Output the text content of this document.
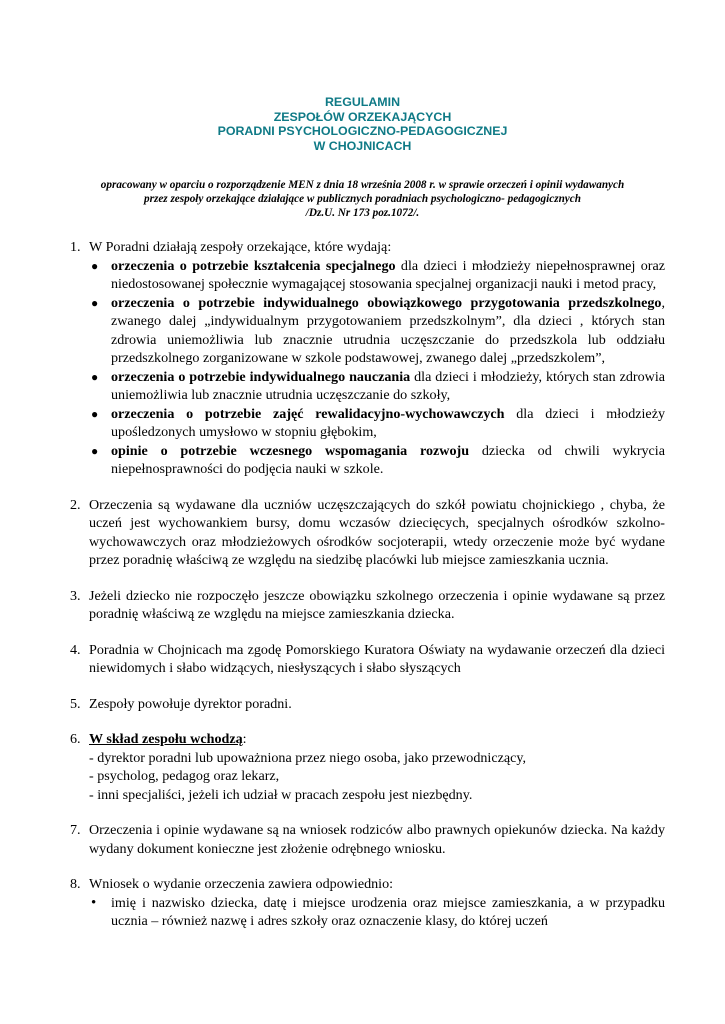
REGULAMIN
ZESPOŁÓW ORZEKAJĄCYCH
PORADNI PSYCHOLOGICZNO-PEDAGOGICZNEJ
W CHOJNICACH
opracowany w oparciu o rozporządzenie MEN z dnia 18 września 2008 r. w sprawie orzeczeń i opinii wydawanych
przez zespoły orzekające działające w publicznych poradniach psychologiczno- pedagogicznych
/Dz.U. Nr 173 poz.1072/.
1. W Poradni działają zespoły orzekające, które wydają:
● orzeczenia o potrzebie kształcenia specjalnego dla dzieci i młodzieży niepełnosprawnej oraz niedostosowanej społecznie wymagającej stosowania specjalnej organizacji nauki i metod pracy,
● orzeczenia o potrzebie indywidualnego obowiązkowego przygotowania przedszkolnego, zwanego dalej „indywidualnym przygotowaniem przedszkolnym”, dla dzieci , których stan zdrowia uniemożliwia lub znacznie utrudnia uczęszczanie do przedszkola lub oddziału przedszkolnego zorganizowane w szkole podstawowej, zwanego dalej „przedszkolem”,
● orzeczenia o potrzebie indywidualnego nauczania dla dzieci i młodzieży, których stan zdrowia uniemożliwia lub znacznie utrudnia uczęszczanie do szkoły,
● orzeczenia o potrzebie zajęć rewalidacyjno-wychowawczych dla dzieci i młodzieży upośledzonych umysłowo w stopniu głębokim,
● opinie o potrzebie wczesnego wspomagania rozwoju dziecka od chwili wykrycia niepełnosprawności do podjęcia nauki w szkole.
2. Orzeczenia są wydawane dla uczniów uczęszczających do szkół powiatu chojnickiego , chyba, że uczeń jest wychowankiem bursy, domu wczasów dziecięcych, specjalnych ośrodków szkolno-wychowawczych oraz młodzieżowych ośrodków socjoterapii, wtedy orzeczenie może być wydane przez poradnię właściwą ze względu na siedzibę placówki lub miejsce zamieszkania ucznia.
3. Jeżeli dziecko nie rozpoczęło jeszcze obowiązku szkolnego orzeczenia i opinie wydawane są przez poradnię właściwą ze względu na miejsce zamieszkania dziecka.
4. Poradnia w Chojnicach ma zgodę Pomorskiego Kuratora Oświaty na wydawanie orzeczeń dla dzieci niewidomych i słabo widzących, niesłyszących i słabo słyszących
5. Zespoły powołuje dyrektor poradni.
6. W skład zespołu wchodzą:
- dyrektor poradni lub upoważniona przez niego osoba, jako przewodniczący,
- psycholog, pedagog oraz lekarz,
- inni specjaliści, jeżeli ich udział w pracach zespołu jest niezbędny.
7. Orzeczenia i opinie wydawane są na wniosek rodziców albo prawnych opiekunów dziecka. Na każdy wydany dokument konieczne jest złożenie odrębnego wniosku.
8. Wniosek o wydanie orzeczenia zawiera odpowiednio:
• imię i nazwisko dziecka, datę i miejsce urodzenia oraz miejsce zamieszkania, a w przypadku ucznia – również nazwę i adres szkoły oraz oznaczenie klasy, do której uczeń
